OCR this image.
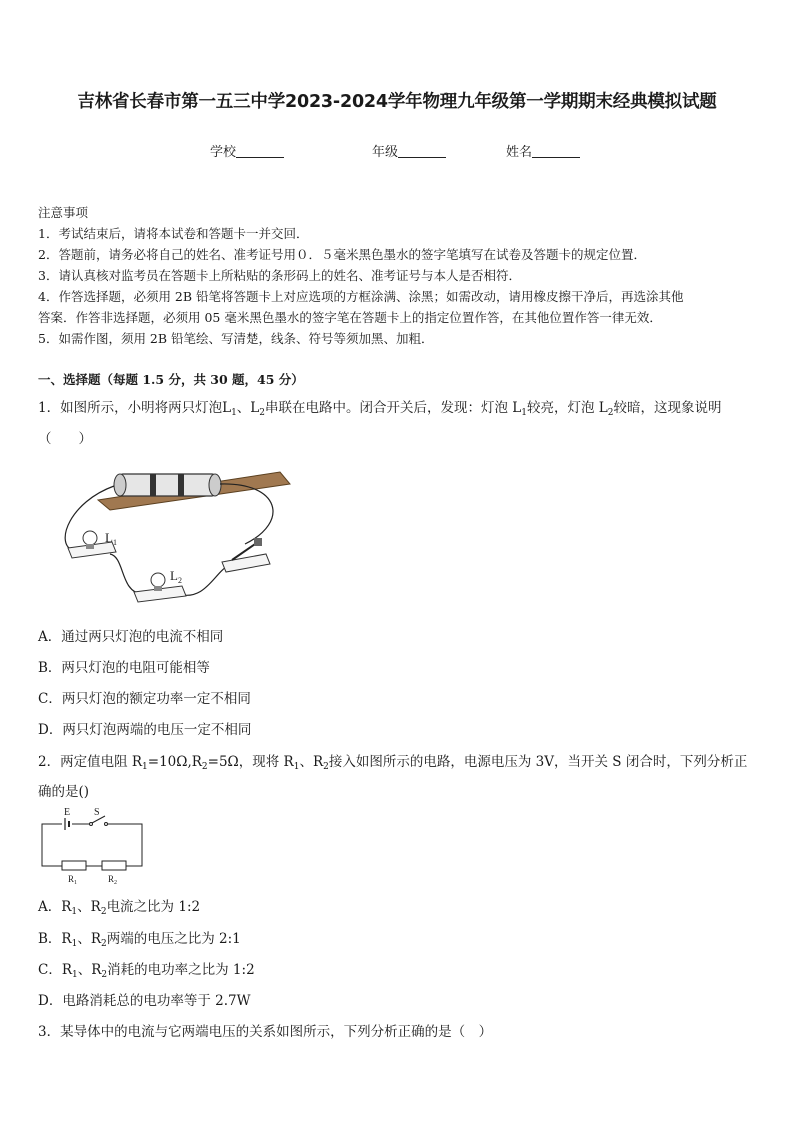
吉林省长春市第一五三中学2023-2024学年物理九年级第一学期期末经典模拟试题
学校	年级	姓名
注意事项
1．考试结束后，请将本试卷和答题卡一并交回．
2．答题前，请务必将自己的姓名、准考证号用０．５毫米黑色墨水的签字笔填写在试卷及答题卡的规定位置．
3．请认真核对监考员在答题卡上所粘贴的条形码上的姓名、准考证号与本人是否相符．
4．作答选择题，必须用 2B 铅笔将答题卡上对应选项的方框涂满、涂黑；如需改动，请用橡皮擦干净后，再选涂其他
答案．作答非选择题，必须用 05 毫米黑色墨水的签字笔在答题卡上的指定位置作答，在其他位置作答一律无效．
5．如需作图，须用 2B 铅笔绘、写清楚，线条、符号等须加黑、加粗．
一、选择题（每题 1.5 分，共 30 题，45 分）
1．如图所示，小明将两只灯泡$L_1$、$L_2$串联在电路中。闭合开关后，发现：灯泡 $L_1$较亮，灯泡 $L_2$较暗，这现象说明
（　　）
$L_1$
$L_2$
A．通过两只灯泡的电流不相同
B．两只灯泡的电阻可能相等
C．两只灯泡的额定功率一定不相同
D．两只灯泡两端的电压一定不相同
2．两定值电阻 $R_1=10\Omega,R_2=5\Omega$，现将 $R_1$、$R_2$接入如图所示的电路，电源电压为 3V，当开关 S 闭合时，下列分析正
确的是()
E S
$R_1$	$R_2$
A．$R_1$、$R_2$电流之比为 1:2
B．$R_1$、$R_2$两端的电压之比为 2:1
C．$R_1$、$R_2$消耗的电功率之比为 1:2
D．电路消耗总的电功率等于 2.7W
3．某导体中的电流与它两端电压的关系如图所示，下列分析正确的是（　）
